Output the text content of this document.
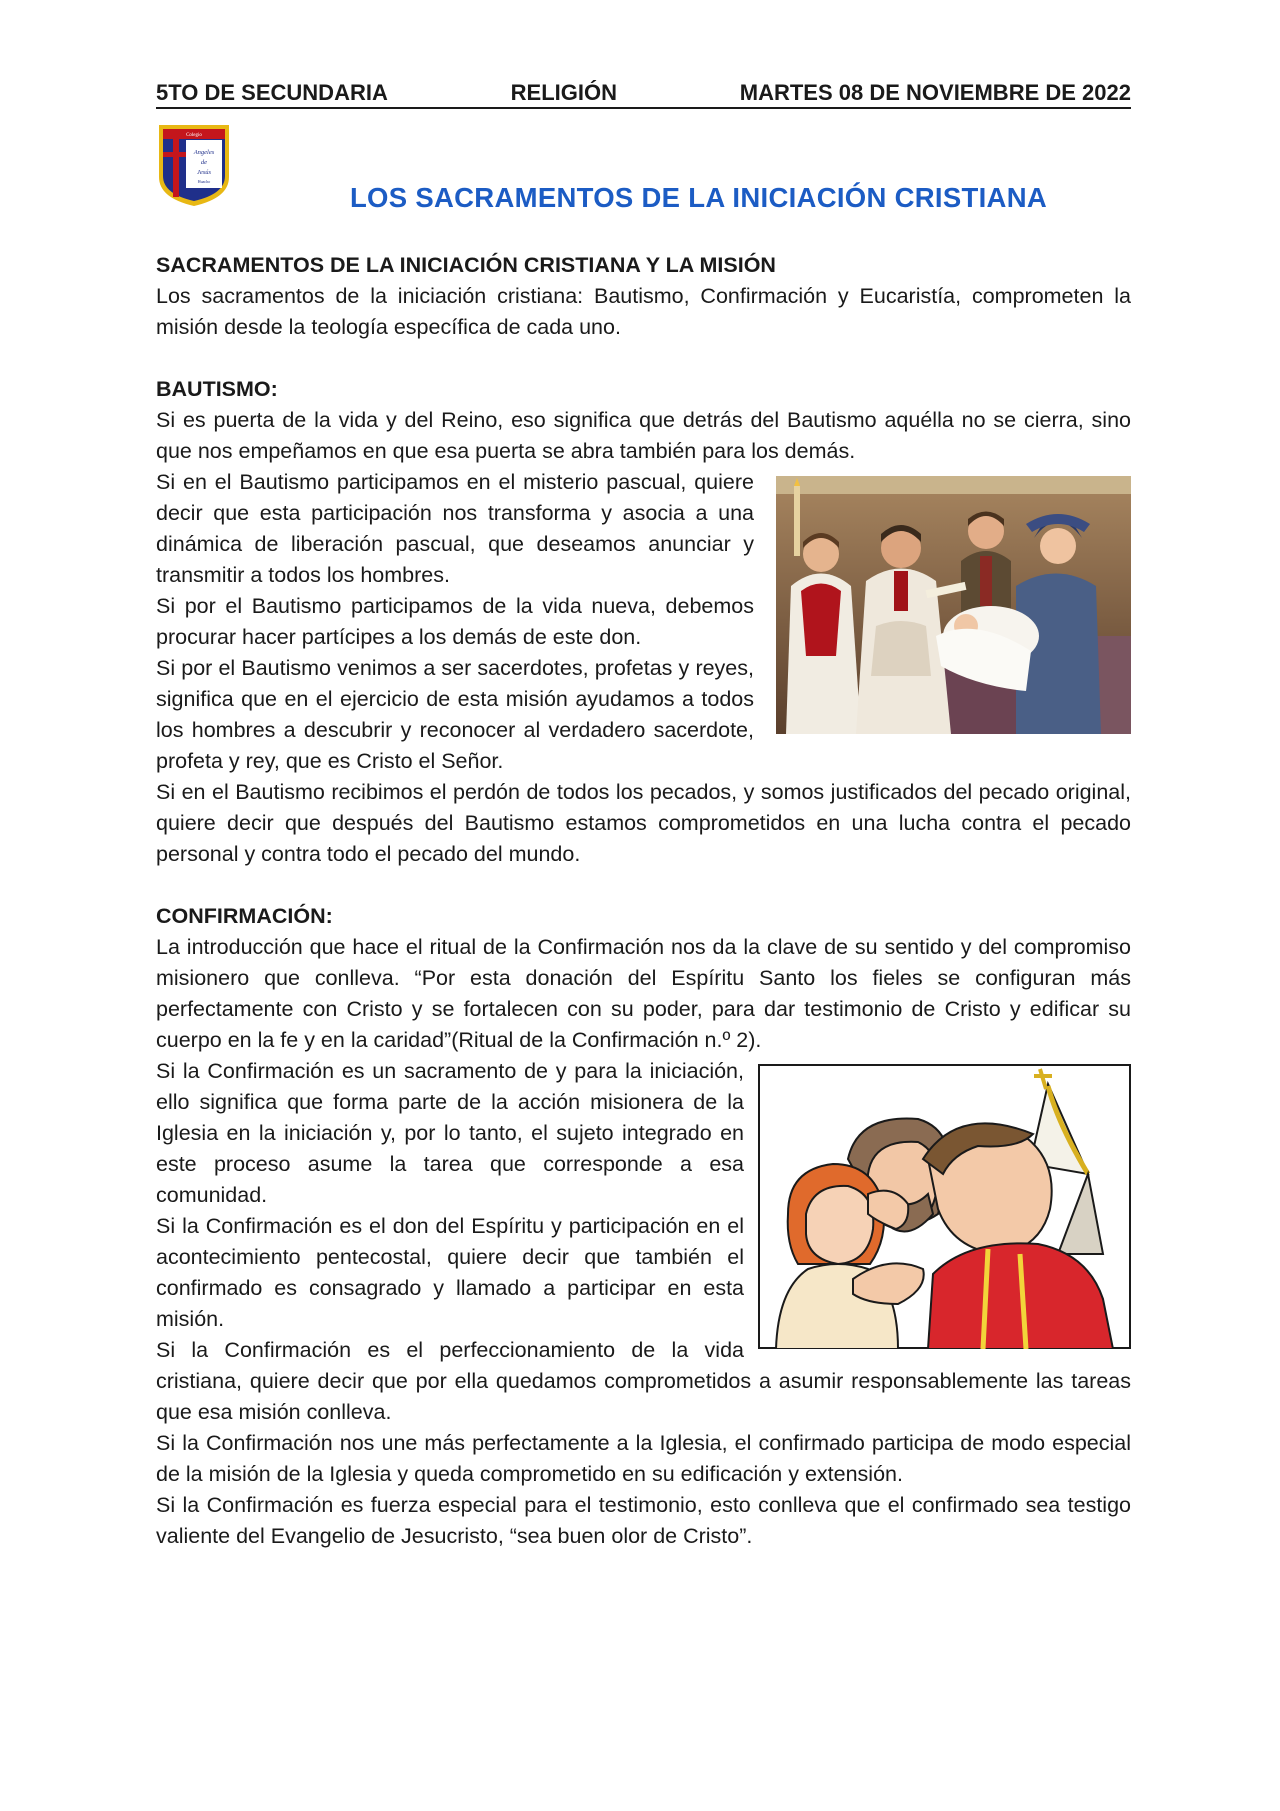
5TO DE SECUNDARIA	RELIGIÓN	MARTES 08 DE NOVIEMBRE DE 2022
Colegio
Angeles
de
Jesús
Huacho
LOS SACRAMENTOS DE LA INICIACIÓN CRISTIANA
SACRAMENTOS DE LA INICIACIÓN CRISTIANA Y LA MISIÓN

Los sacramentos de la iniciación cristiana: Bautismo, Confirmación y Eucaristía, comprometen la misión desde la teología específica de cada uno.

BAUTISMO:

Si es puerta de la vida y del Reino, eso significa que detrás del Bautismo aquélla no se cierra, sino que nos empeñamos en que esa puerta se abra también para los demás.

Si en el Bautismo participamos en el misterio pascual, quiere decir que esta participación nos transforma y asocia a una dinámica de liberación pascual, que deseamos anunciar y transmitir a todos los hombres.

Si por el Bautismo participamos de la vida nueva, debemos procurar hacer partícipes a los demás de este don.

Si por el Bautismo venimos a ser sacerdotes, profetas y reyes, significa que en el ejercicio de esta misión ayudamos a todos los hombres a descubrir y reconocer al verdadero sacerdote, profeta y rey, que es Cristo el Señor.

Si en el Bautismo recibimos el perdón de todos los pecados, y somos justificados del pecado original, quiere decir que después del Bautismo estamos comprometidos en una lucha contra el pecado personal y contra todo el pecado del mundo.

CONFIRMACIÓN:

La introducción que hace el ritual de la Confirmación nos da la clave de su sentido y del compromiso misionero que conlleva. “Por esta donación del Espíritu Santo los fieles se configuran más perfectamente con Cristo y se fortalecen con su poder, para dar testimonio de Cristo y edificar su cuerpo en la fe y en la caridad”(Ritual de la Confirmación n.º 2).

Si la Confirmación es un sacramento de y para la iniciación, ello significa que forma parte de la acción misionera de la Iglesia en la iniciación y, por lo tanto, el sujeto integrado en este proceso asume la tarea que corresponde a esa comunidad.

Si la Confirmación es el don del Espíritu y participación en el acontecimiento pentecostal, quiere decir que también el confirmado es consagrado y llamado a participar en esta misión.

Si la Confirmación es el perfeccionamiento de la vida cristiana, quiere decir que por ella quedamos comprometidos a asumir responsablemente las tareas que esa misión conlleva.

Si la Confirmación nos une más perfectamente a la Iglesia, el confirmado participa de modo especial de la misión de la Iglesia y queda comprometido en su edificación y extensión.

Si la Confirmación es fuerza especial para el testimonio, esto conlleva que el confirmado sea testigo valiente del Evangelio de Jesucristo, “sea buen olor de Cristo”.
